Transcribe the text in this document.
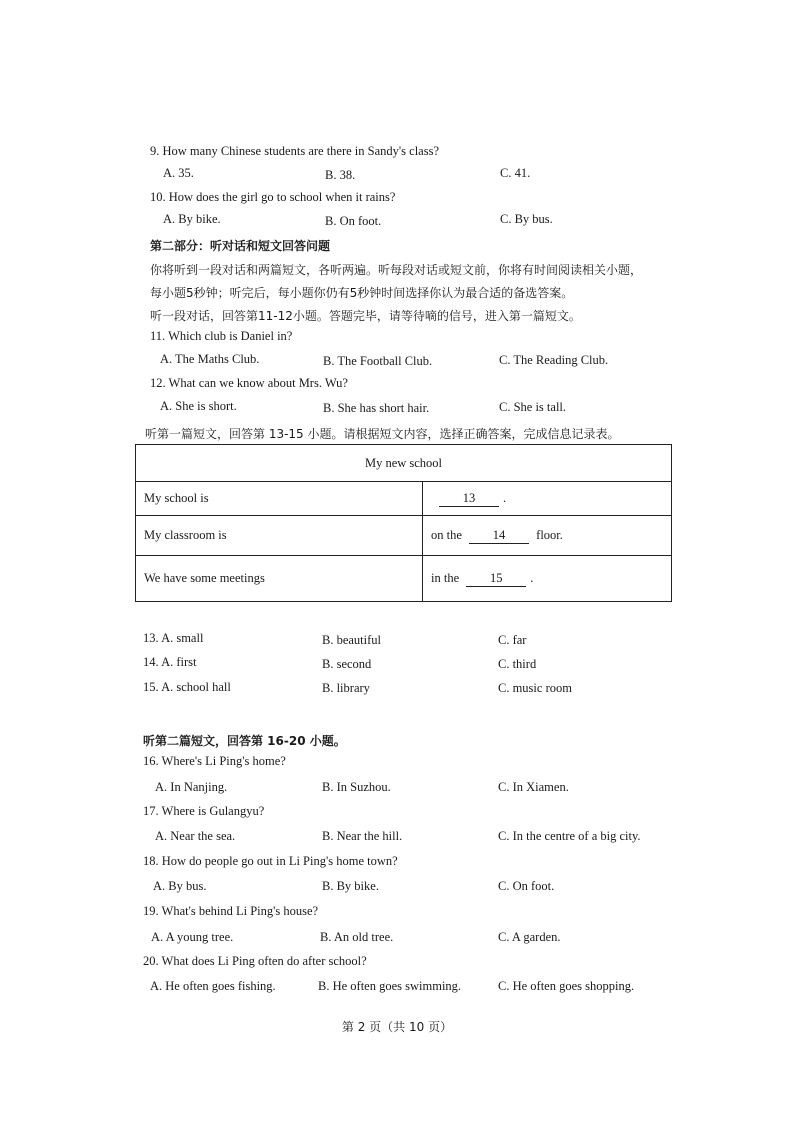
9. How many Chinese students are there in Sandy's class?
A. 35.	B. 38.	C. 41.
10. How does the girl go to school when it rains?
A. By bike.	B. On foot.	C. By bus.
第二部分：听对话和短文回答问题
你将听到一段对话和两篇短文，各听两遍。听每段对话或短文前，你将有时间阅读相关小题，
每小题5秒钟；听完后，每小题你仍有5秒钟时间选择你认为最合适的备选答案。
听一段对话，回答第11-12小题。答题完毕，请等待嘀的信号，进入第一篇短文。
11. Which club is Daniel in?
A. The Maths Club.	B. The Football Club.	C. The Reading Club.
12. What can we know about Mrs. Wu?
A. She is short.	B. She has short hair.	C. She is tall.
听第一篇短文，回答第 13-15 小题。请根据短文内容，选择正确答案，完成信息记录表。
My new school	
My school is	13 .
My classroom is	on the 14 floor.
We have some meetings	in the 15 .
13. A. small	B. beautiful	C. far
14. A. first	B. second	C. third
15. A. school hall	B. library	C. music room
听第二篇短文，回答第 16-20 小题。
16. Where's Li Ping's home?
A. In Nanjing.	B. In Suzhou.	C. In Xiamen.
17. Where is Gulangyu?
A. Near the sea.	B. Near the hill.	C. In the centre of a big city.
18. How do people go out in Li Ping's home town?
A. By bus.	B. By bike.	C. On foot.
19. What's behind Li Ping's house?
A. A young tree.	B. An old tree.	C. A garden.
20. What does Li Ping often do after school?
A. He often goes fishing.	B. He often goes swimming.	C. He often goes shopping.
第 2 页（共 10 页）
